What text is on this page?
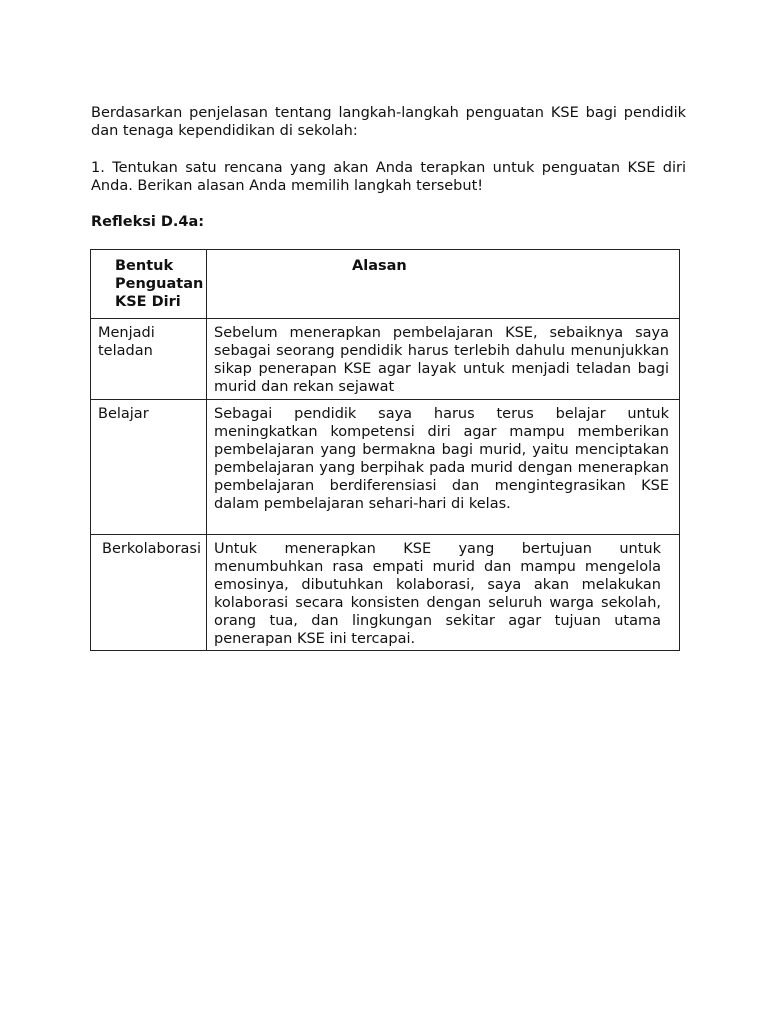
Berdasarkan penjelasan tentang langkah-langkah penguatan KSE bagi pendidik dan tenaga kependidikan di sekolah:

1. Tentukan satu rencana yang akan Anda terapkan untuk penguatan KSE diri Anda. Berikan alasan Anda memilih langkah tersebut!

Refleksi D.4a:

Bentuk Penguatan KSE Diri	Alasan
Menjadi teladan	Sebelum menerapkan pembelajaran KSE, sebaiknya saya sebagai seorang pendidik harus terlebih dahulu menunjukkan sikap penerapan KSE agar layak untuk menjadi teladan bagi murid dan rekan sejawat
Belajar	Sebagai pendidik saya harus terus belajar untuk meningkatkan kompetensi diri agar mampu memberikan pembelajaran yang bermakna bagi murid, yaitu menciptakan pembelajaran yang berpihak pada murid dengan menerapkan pembelajaran berdiferensiasi dan mengintegrasikan KSE dalam pembelajaran sehari-hari di kelas.
Berkolaborasi	Untuk menerapkan KSE yang bertujuan untuk menumbuhkan rasa empati murid dan mampu mengelola emosinya, dibutuhkan kolaborasi, saya akan melakukan kolaborasi secara konsisten dengan seluruh warga sekolah, orang tua, dan lingkungan sekitar agar tujuan utama penerapan KSE ini tercapai.
